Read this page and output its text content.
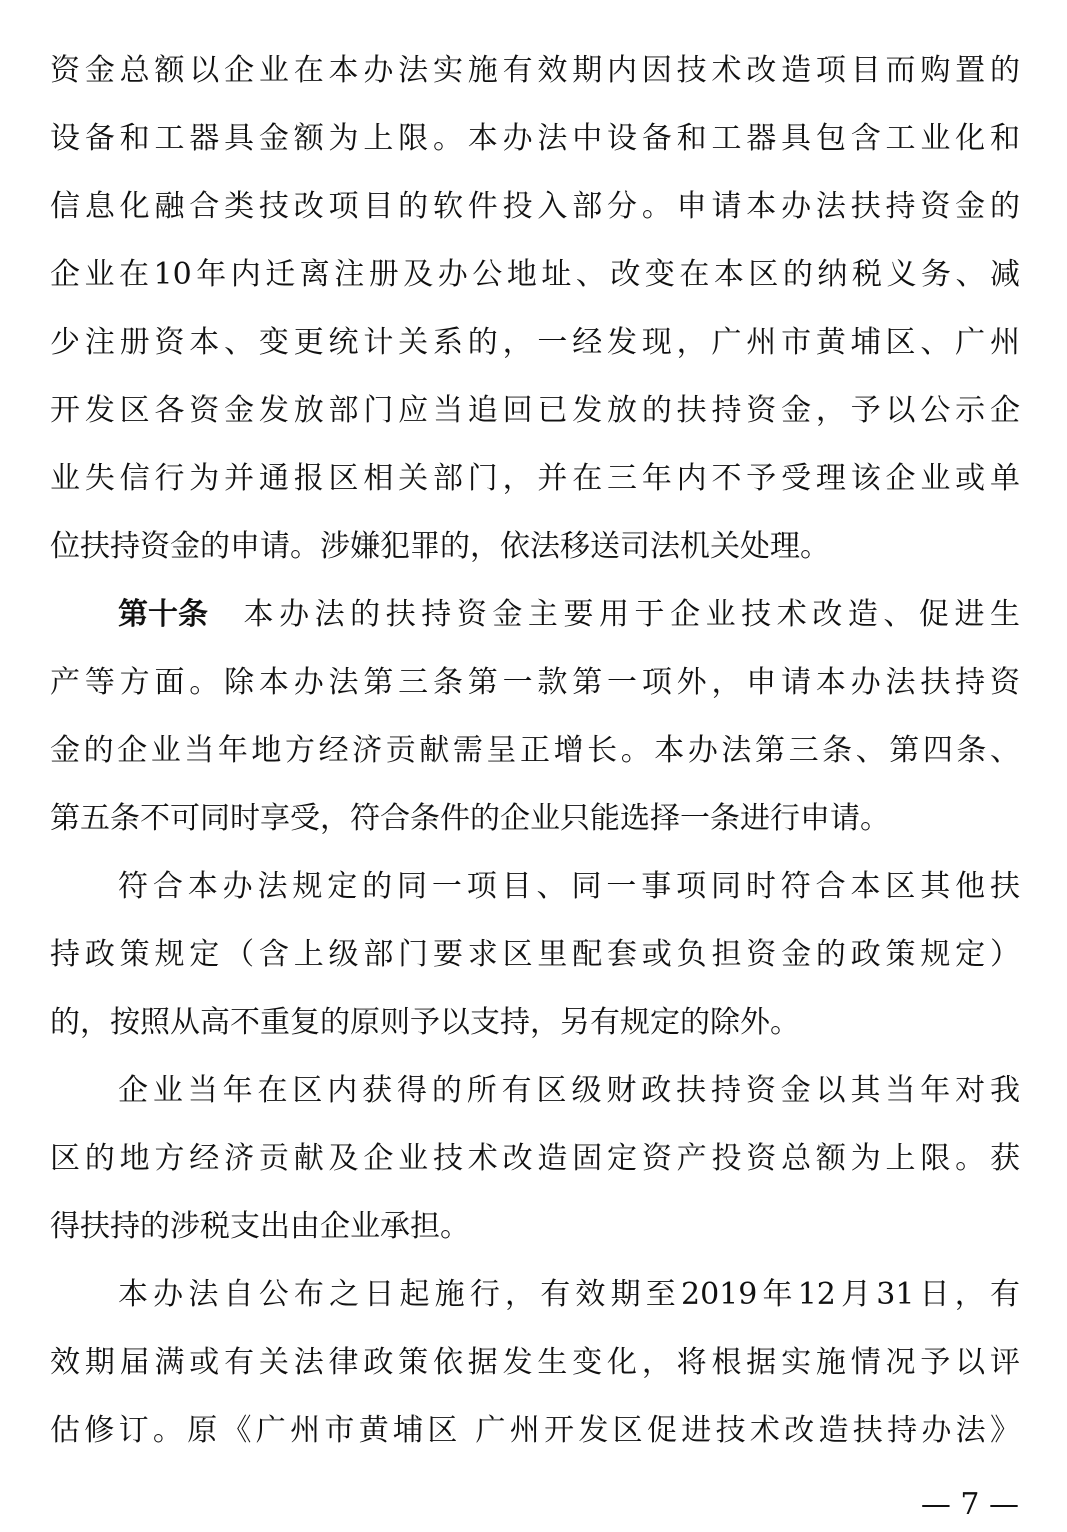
资金总额以企业在本办法实施有效期内因技术改造项目而购置的
设备和工器具金额为上限。本办法中设备和工器具包含工业化和
信息化融合类技改项目的软件投入部分。申请本办法扶持资金的
企业在10年内迁离注册及办公地址、改变在本区的纳税义务、减
少注册资本、变更统计关系的，一经发现，广州市黄埔区、广州
开发区各资金发放部门应当追回已发放的扶持资金，予以公示企
业失信行为并通报区相关部门，并在三年内不予受理该企业或单
位扶持资金的申请。涉嫌犯罪的，依法移送司法机关处理。
第十条 本办法的扶持资金主要用于企业技术改造、促进生
产等方面。除本办法第三条第一款第一项外，申请本办法扶持资
金的企业当年地方经济贡献需呈正增长。本办法第三条、第四条、
第五条不可同时享受，符合条件的企业只能选择一条进行申请。
符合本办法规定的同一项目、同一事项同时符合本区其他扶
持政策规定（含上级部门要求区里配套或负担资金的政策规定）
的，按照从高不重复的原则予以支持，另有规定的除外。
企业当年在区内获得的所有区级财政扶持资金以其当年对我
区的地方经济贡献及企业技术改造固定资产投资总额为上限。获
得扶持的涉税支出由企业承担。
本办法自公布之日起施行，有效期至2019年12月31日，有
效期届满或有关法律政策依据发生变化，将根据实施情况予以评
估修订。原《广州市黄埔区 广州开发区促进技术改造扶持办法》
— 7 —
